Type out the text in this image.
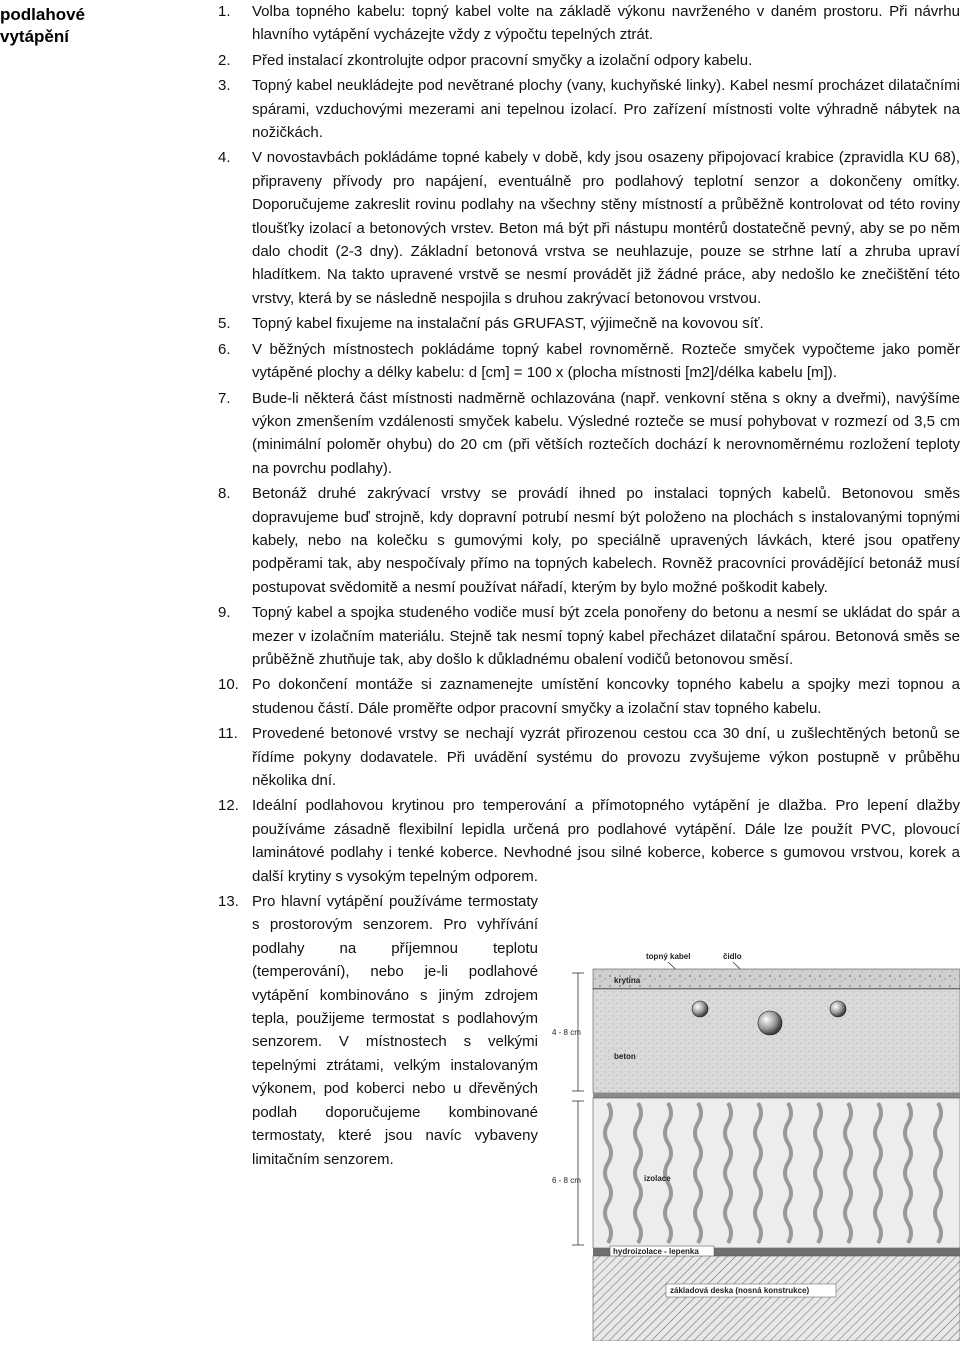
podlahové
vytápění
1.	Volba topného kabelu: topný kabel volte na základě výkonu navrženého v daném prostoru. Při návrhu hlavního vytápění vycházejte vždy z výpočtu tepelných ztrát.
2.	Před instalací zkontrolujte odpor pracovní smyčky a izolační odpory kabelu.
3.	Topný kabel neukládejte pod nevětrané plochy (vany, kuchyňské linky). Kabel nesmí procházet dilatačními spárami, vzduchovými mezerami ani tepelnou izolací. Pro zařízení místnosti volte výhradně nábytek na nožičkách.
4.	V novostavbách pokládáme topné kabely v době, kdy jsou osazeny připojovací krabice (zpravidla KU 68), připraveny přívody pro napájení, eventuálně pro podlahový teplotní senzor a dokončeny omítky. Doporučujeme zakreslit rovinu podlahy na všechny stěny místností a průběžně kontrolovat od této roviny tloušťky izolací a betonových vrstev. Beton má být při nástupu montérů dostatečně pevný, aby se po něm dalo chodit (2-3 dny). Základní betonová vrstva se neuhlazuje, pouze se strhne latí a zhruba upraví hladítkem. Na takto upravené vrstvě se nesmí provádět již žádné práce, aby nedošlo ke znečištění této vrstvy, která by se následně nespojila s druhou zakrývací betonovou vrstvou.
5.	Topný kabel fixujeme na instalační pás GRUFAST, výjimečně na kovovou síť.
6.	V běžných místnostech pokládáme topný kabel rovnoměrně. Rozteče smyček vypočteme jako poměr vytápěné plochy a délky kabelu: d [cm] = 100 x (plocha místnosti [m2]/délka kabelu [m]).
7.	Bude-li některá část místnosti nadměrně ochlazována (např. venkovní stěna s okny a dveřmi), navýšíme výkon zmenšením vzdálenosti smyček kabelu. Výsledné rozteče se musí pohybovat v rozmezí od 3,5 cm (minimální poloměr ohybu) do 20 cm (při větších roztečích dochází k nerovnoměrnému rozložení teploty na povrchu podlahy).
8.	Betonáž druhé zakrývací vrstvy se provádí ihned po instalaci topných kabelů. Betonovou směs dopravujeme buď strojně, kdy dopravní potrubí nesmí být položeno na plochách s instalovanými topnými kabely, nebo na kolečku s gumovými koly, po speciálně upravených lávkách, které jsou opatřeny podpěrami tak, aby nespočívaly přímo na topných kabelech. Rovněž pracovníci provádějící betonáž musí postupovat svědomitě a nesmí používat nářadí, kterým by bylo možné poškodit kabely.
9.	Topný kabel a spojka studeného vodiče musí být zcela ponořeny do betonu a nesmí se ukládat do spár a mezer v izolačním materiálu. Stejně tak nesmí topný kabel přecházet dilatační spárou. Betonová směs se průběžně zhutňuje tak, aby došlo k důkladnému obalení vodičů betonovou směsí.
10. Po dokončení montáže si zaznamenejte umístění koncovky topného kabelu a spojky mezi topnou a studenou částí. Dále proměřte odpor pracovní smyčky a izolační stav topného kabelu.
11. Provedené betonové vrstvy se nechají vyzrát přirozenou cestou cca 30 dní, u zušlechtěných betonů se řídíme pokyny dodavatele. Při uvádění systému do provozu zvyšujeme výkon postupně v průběhu několika dní.
12. Ideální podlahovou krytinou pro temperování a přímotopného vytápění je dlažba. Pro lepení dlažby používáme zásadně flexibilní lepidla určená pro podlahové vytápění. Dále lze použít PVC, plovoucí laminátové podlahy i tenké koberce. Nevhodné jsou silné koberce, koberce s gumovou vrstvou, korek a další krytiny s vysokým tepelným odporem.
13. Pro hlavní vytápění používáme termostaty s prostorovým senzorem. Pro vyhřívání podlahy na příjemnou teplotu (temperování), nebo je-li podlahové vytápění kombinováno s jiným zdrojem tepla, použijeme termostat s podlahovým senzorem. V místnostech s velkými tepelnými ztrátami, velkým instalovaným výkonem, pod koberci nebo u dřevěných podlah doporučujeme kombinované termostaty, které jsou navíc vybaveny limitačním senzorem.
topný kabel	čidlo
krytina
beton
izolace
hydroizolace - lepenka
základová deska (nosná konstrukce)
4 - 8 cm
6 - 8 cm
